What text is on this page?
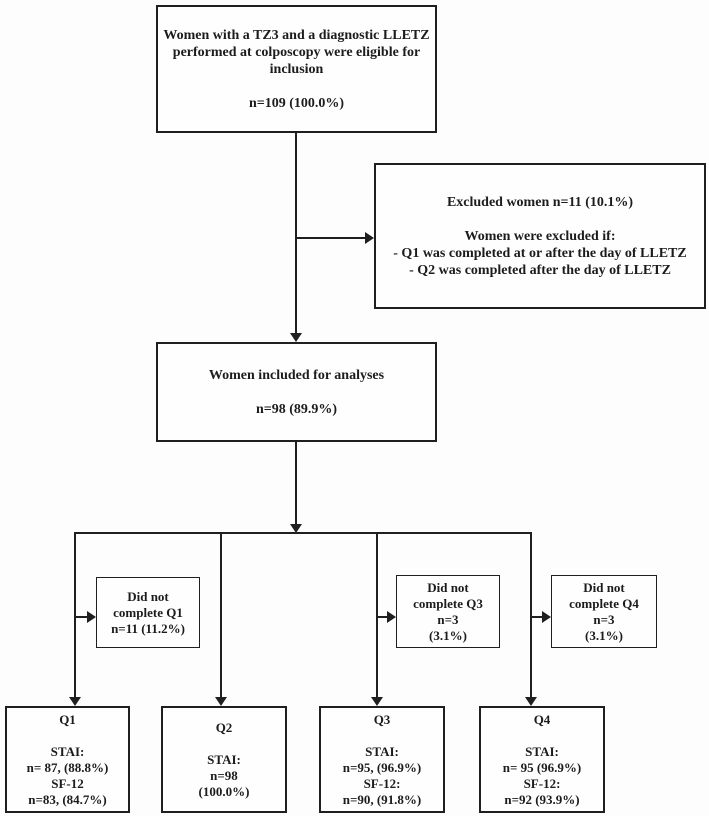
Women with a TZ3 and a diagnostic LLETZ
performed at colposcopy were eligible for
inclusion

n=109 (100.0%)
Excluded women n=11 (10.1%)

Women were excluded if:
- Q1 was completed at or after the day of LLETZ
- Q2 was completed after the day of LLETZ
Women included for analyses

n=98 (89.9%)
Did not
complete Q1
n=11 (11.2%)
Did not
complete Q3
n=3
(3.1%)
Did not
complete Q4
n=3
(3.1%)
Q1

STAI:
n= 87, (88.8%)
SF-12
n=83, (84.7%)
Q2

STAI:
n=98
(100.0%)
Q3

STAI:
n=95, (96.9%)
SF-12:
n=90, (91.8%)
Q4

STAI:
n= 95 (96.9%)
SF-12:
n=92 (93.9%)
